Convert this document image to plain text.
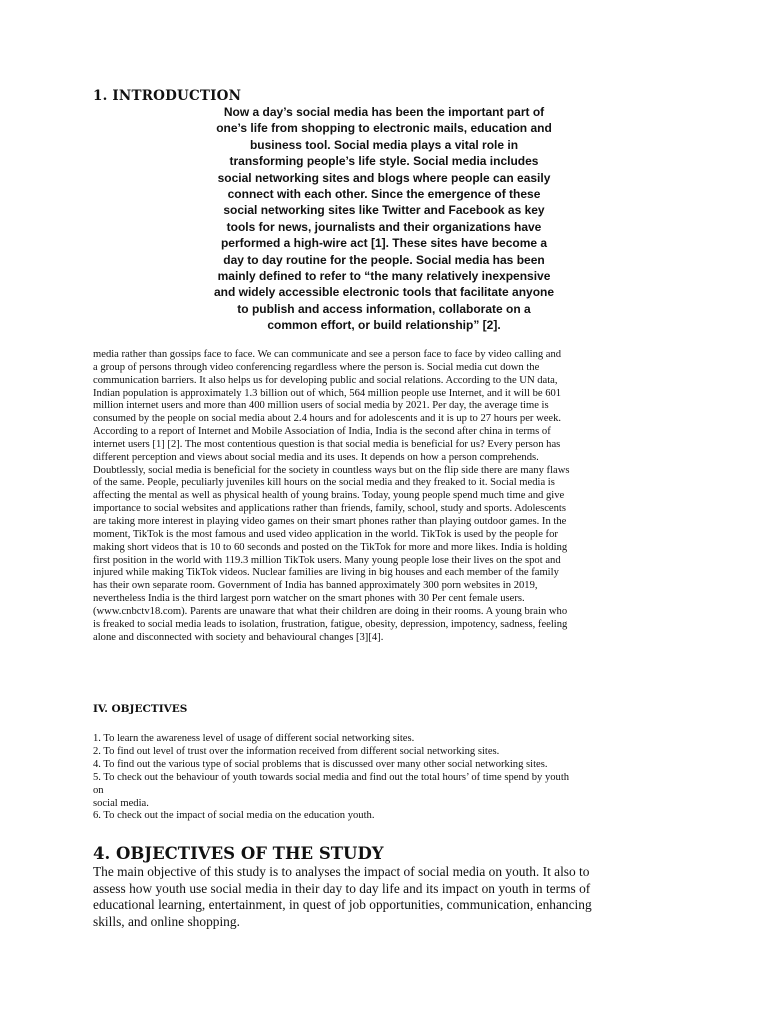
1. INTRODUCTION
Now a day’s social media has been the important part of
one’s life from shopping to electronic mails, education and
business tool. Social media plays a vital role in
transforming people’s life style. Social media includes
social networking sites and blogs where people can easily
connect with each other. Since the emergence of these
social networking sites like Twitter and Facebook as key
tools for news, journalists and their organizations have
performed a high-wire act [1]. These sites have become a
day to day routine for the people. Social media has been
mainly defined to refer to “the many relatively inexpensive
and widely accessible electronic tools that facilitate anyone
to publish and access information, collaborate on a
common effort, or build relationship” [2].
media rather than gossips face to face. We can communicate and see a person face to face by video calling and
a group of persons through video conferencing regardless where the person is. Social media cut down the
communication barriers. It also helps us for developing public and social relations. According to the UN data,
Indian population is approximately 1.3 billion out of which, 564 million people use Internet, and it will be 601
million internet users and more than 400 million users of social media by 2021. Per day, the average time is
consumed by the people on social media about 2.4 hours and for adolescents and it is up to 27 hours per week.
According to a report of Internet and Mobile Association of India, India is the second after china in terms of
internet users [1] [2]. The most contentious question is that social media is beneficial for us? Every person has
different perception and views about social media and its uses. It depends on how a person comprehends.
Doubtlessly, social media is beneficial for the society in countless ways but on the flip side there are many flaws
of the same. People, peculiarly juveniles kill hours on the social media and they freaked to it. Social media is
affecting the mental as well as physical health of young brains. Today, young people spend much time and give
importance to social websites and applications rather than friends, family, school, study and sports. Adolescents
are taking more interest in playing video games on their smart phones rather than playing outdoor games. In the
moment, TikTok is the most famous and used video application in the world. TikTok is used by the people for
making short videos that is 10 to 60 seconds and posted on the TikTok for more and more likes. India is holding
first position in the world with 119.3 million TikTok users. Many young people lose their lives on the spot and
injured while making TikTok videos. Nuclear families are living in big houses and each member of the family
has their own separate room. Government of India has banned approximately 300 porn websites in 2019,
nevertheless India is the third largest porn watcher on the smart phones with 30 Per cent female users.
(www.cnbctv18.com). Parents are unaware that what their children are doing in their rooms. A young brain who
is freaked to social media leads to isolation, frustration, fatigue, obesity, depression, impotency, sadness, feeling
alone and disconnected with society and behavioural changes [3][4].
IV. OBJECTIVES
1. To learn the awareness level of usage of different social networking sites.
2. To find out level of trust over the information received from different social networking sites.
4. To find out the various type of social problems that is discussed over many other social networking sites.
5. To check out the behaviour of youth towards social media and find out the total hours’ of time spend by youth
on
social media.
6. To check out the impact of social media on the education youth.
4. OBJECTIVES OF THE STUDY
The main objective of this study is to analyses the impact of social media on youth. It also to
assess how youth use social media in their day to day life and its impact on youth in terms of
educational learning, entertainment, in quest of job opportunities, communication, enhancing
skills, and online shopping.
